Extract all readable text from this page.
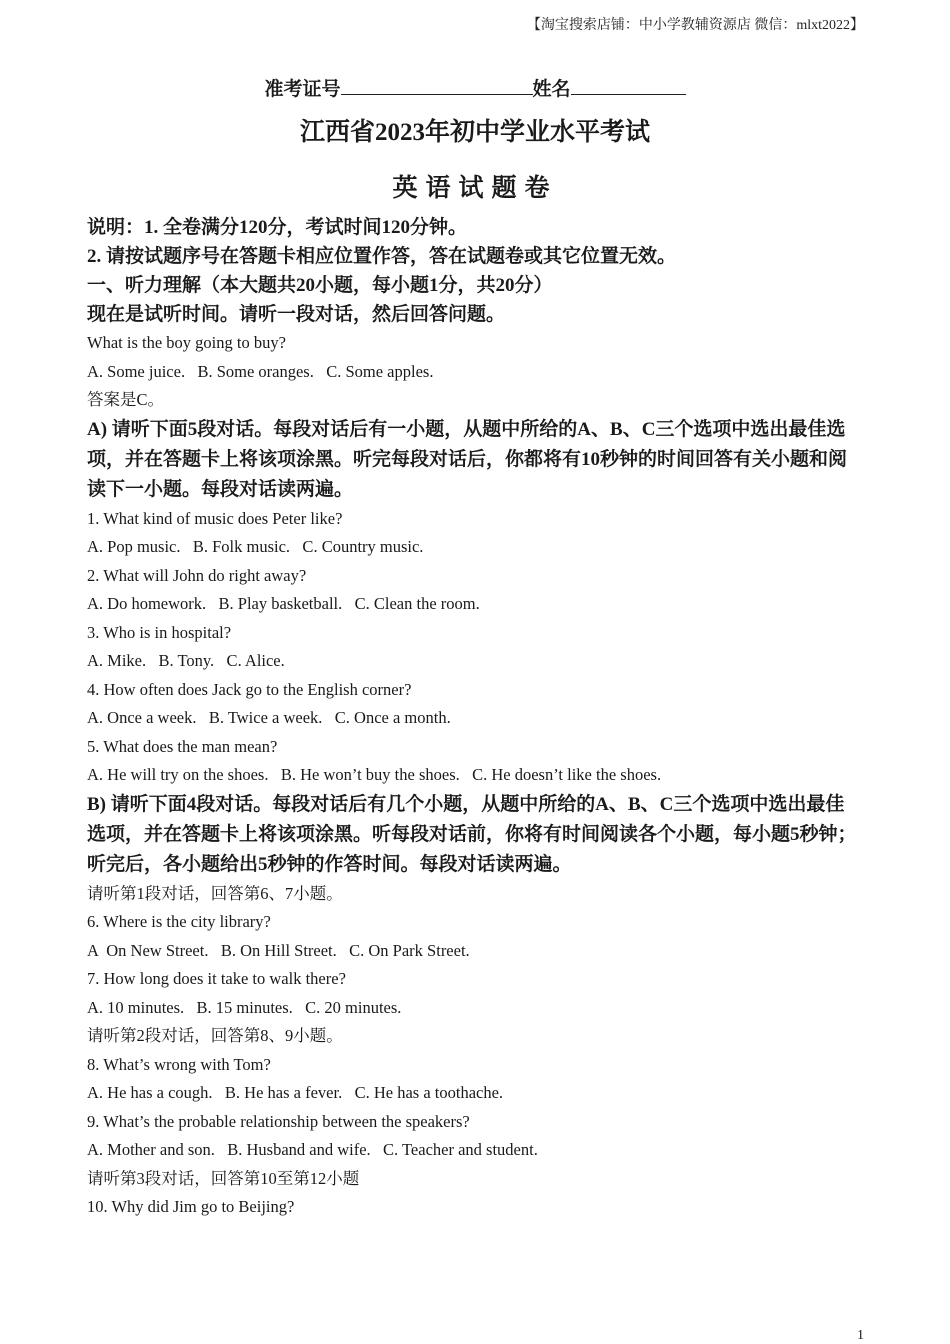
【淘宝搜索店铺：中小学教辅资源店 微信：mlxt2022】
准考证号	姓名
江西省2023年初中学业水平考试
英语试题卷
说明：1. 全卷满分120分，考试时间120分钟。
2. 请按试题序号在答题卡相应位置作答，答在试题卷或其它位置无效。
一、听力理解（本大题共20小题，每小题1分，共20分）
现在是试听时间。请听一段对话，然后回答问题。
What is the boy going to buy?
A. Some juice.   B. Some oranges.   C. Some apples.
答案是C。
A) 请听下面5段对话。每段对话后有一小题，从题中所给的A、B、C三个选项中选出最佳选
项，并在答题卡上将该项涂黑。听完每段对话后，你都将有10秒钟的时间回答有关小题和阅
读下一小题。每段对话读两遍。
1. What kind of music does Peter like?
A. Pop music.   B. Folk music.   C. Country music.
2. What will John do right away?
A. Do homework.   B. Play basketball.   C. Clean the room.
3. Who is in hospital?
A. Mike.   B. Tony.   C. Alice.
4. How often does Jack go to the English corner?
A. Once a week.   B. Twice a week.   C. Once a month.
5. What does the man mean?
A. He will try on the shoes.   B. He won’t buy the shoes.   C. He doesn’t like the shoes.
B) 请听下面4段对话。每段对话后有几个小题，从题中所给的A、B、C三个选项中选出最佳
选项，并在答题卡上将该项涂黑。听每段对话前，你将有时间阅读各个小题，每小题5秒钟；
听完后，各小题给出5秒钟的作答时间。每段对话读两遍。
请听第1段对话，回答第6、7小题。
6. Where is the city library?
A  On New Street.   B. On Hill Street.   C. On Park Street.
7. How long does it take to walk there?
A. 10 minutes.   B. 15 minutes.   C. 20 minutes.
请听第2段对话，回答第8、9小题。
8. What’s wrong with Tom?
A. He has a cough.   B. He has a fever.   C. He has a toothache.
9. What’s the probable relationship between the speakers?
A. Mother and son.   B. Husband and wife.   C. Teacher and student.
请听第3段对话，回答第10至第12小题
10. Why did Jim go to Beijing?
1
